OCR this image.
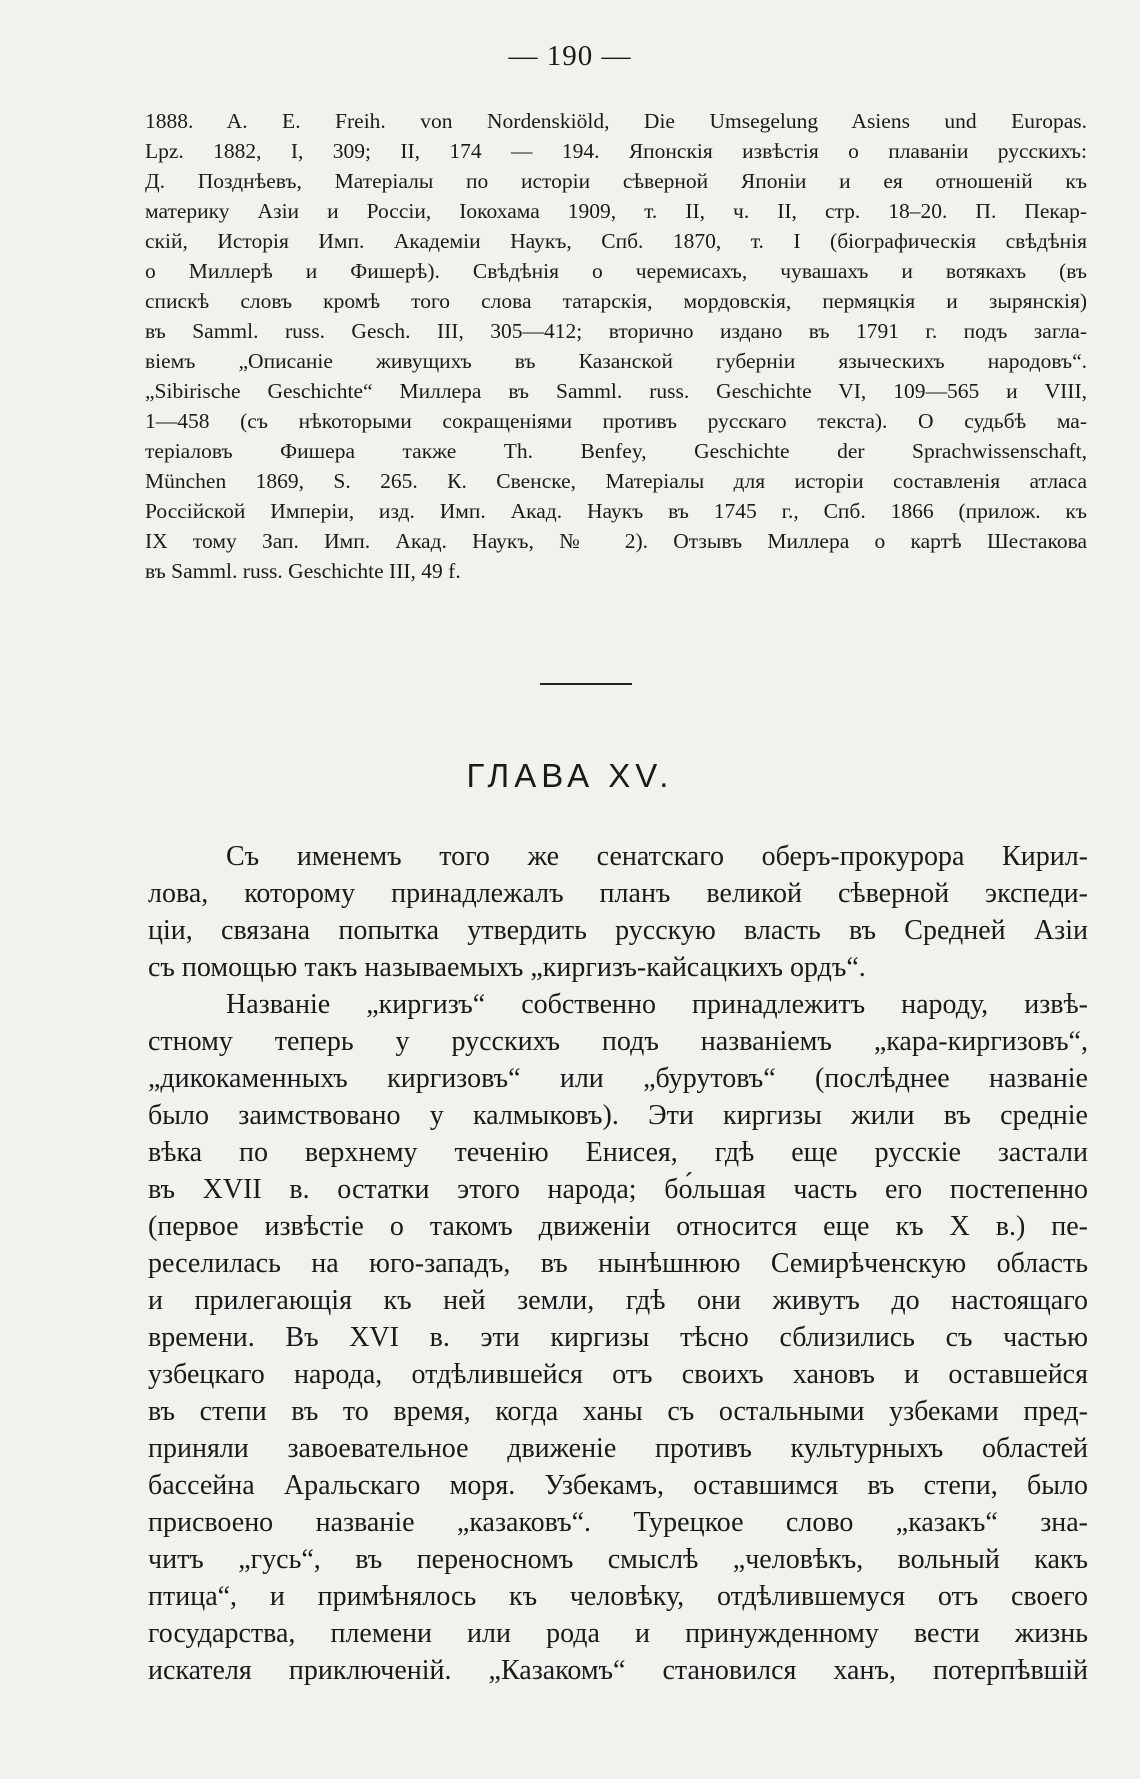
— 190 —
1888. A. E. Freih. von Nordenskiöld, Die Umsegelung Asiens und Europas.
Lpz. 1882, I, 309; II, 174 — 194. Японскія извѣстія о плаваніи русскихъ:
Д. Позднѣевъ, Матеріалы по исторіи сѣверной Японіи и ея отношеній къ
материку Азіи и Россіи, Іокохама 1909, т. II, ч. II, стр. 18–20. П. Пекар-
скій, Исторія Имп. Академіи Наукъ, Спб. 1870, т. I (біографическія свѣдѣнія
о Миллерѣ и Фишерѣ). Свѣдѣнія о черемисахъ, чувашахъ и вотякахъ (въ
спискѣ словъ кромѣ того слова татарскія, мордовскія, пермяцкія и зырянскія)
въ Samml. russ. Gesch. III, 305—412; вторично издано въ 1791 г. подъ загла-
віемъ „Описаніе живущихъ въ Казанской губерніи языческихъ народовъ“.
„Sibirische Geschichte“ Миллера въ Samml. russ. Geschichte VI, 109—565 и VIII,
1—458 (съ нѣкоторыми сокращеніями противъ русскаго текста). О судьбѣ ма-
теріаловъ Фишера также Th. Benfey, Geschichte der Sprachwissenschaft,
München 1869, S. 265. К. Свенске, Матеріалы для исторіи составленія атласа
Россійской Имперіи, изд. Имп. Акад. Наукъ въ 1745 г., Спб. 1866 (прилож. къ
IX тому Зап. Имп. Акад. Наукъ, № 2). Отзывъ Миллера о картѣ Шестакова
въ Samml. russ. Geschichte III, 49 f.
ГЛАВА XV.
Съ именемъ того же сенатскаго оберъ-прокурора Кирил-
лова, которому принадлежалъ планъ великой сѣверной экспеди-
ціи, связана попытка утвердить русскую власть въ Средней Азіи
съ помощью такъ называемыхъ „киргизъ-кайсацкихъ ордъ“.
Названіе „киргизъ“ собственно принадлежитъ народу, извѣ-
стному теперь у русскихъ подъ названіемъ „кара-киргизовъ“,
„дикокаменныхъ киргизовъ“ или „бурутовъ“ (послѣднее названіе
было заимствовано у калмыковъ). Эти киргизы жили въ средніе
вѣка по верхнему теченію Енисея, гдѣ еще русскіе застали
въ XVII в. остатки этого народа; бо́льшая часть его постепенно
(первое извѣстіе о такомъ движеніи относится еще къ X в.) пе-
реселилась на юго-западъ, въ нынѣшнюю Семирѣченскую область
и прилегающія къ ней земли, гдѣ они живутъ до настоящаго
времени. Въ XVI в. эти киргизы тѣсно сблизились съ частью
узбецкаго народа, отдѣлившейся отъ своихъ хановъ и оставшейся
въ степи въ то время, когда ханы съ остальными узбеками пред-
приняли завоевательное движеніе противъ культурныхъ областей
бассейна Аральскаго моря. Узбекамъ, оставшимся въ степи, было
присвоено названіе „казаковъ“. Турецкое слово „казакъ“ зна-
читъ „гусь“, въ переносномъ смыслѣ „человѣкъ, вольный какъ
птица“, и примѣнялось къ человѣку, отдѣлившемуся отъ своего
государства, племени или рода и принужденному вести жизнь
искателя приключеній. „Казакомъ“ становился ханъ, потерпѣвшій
